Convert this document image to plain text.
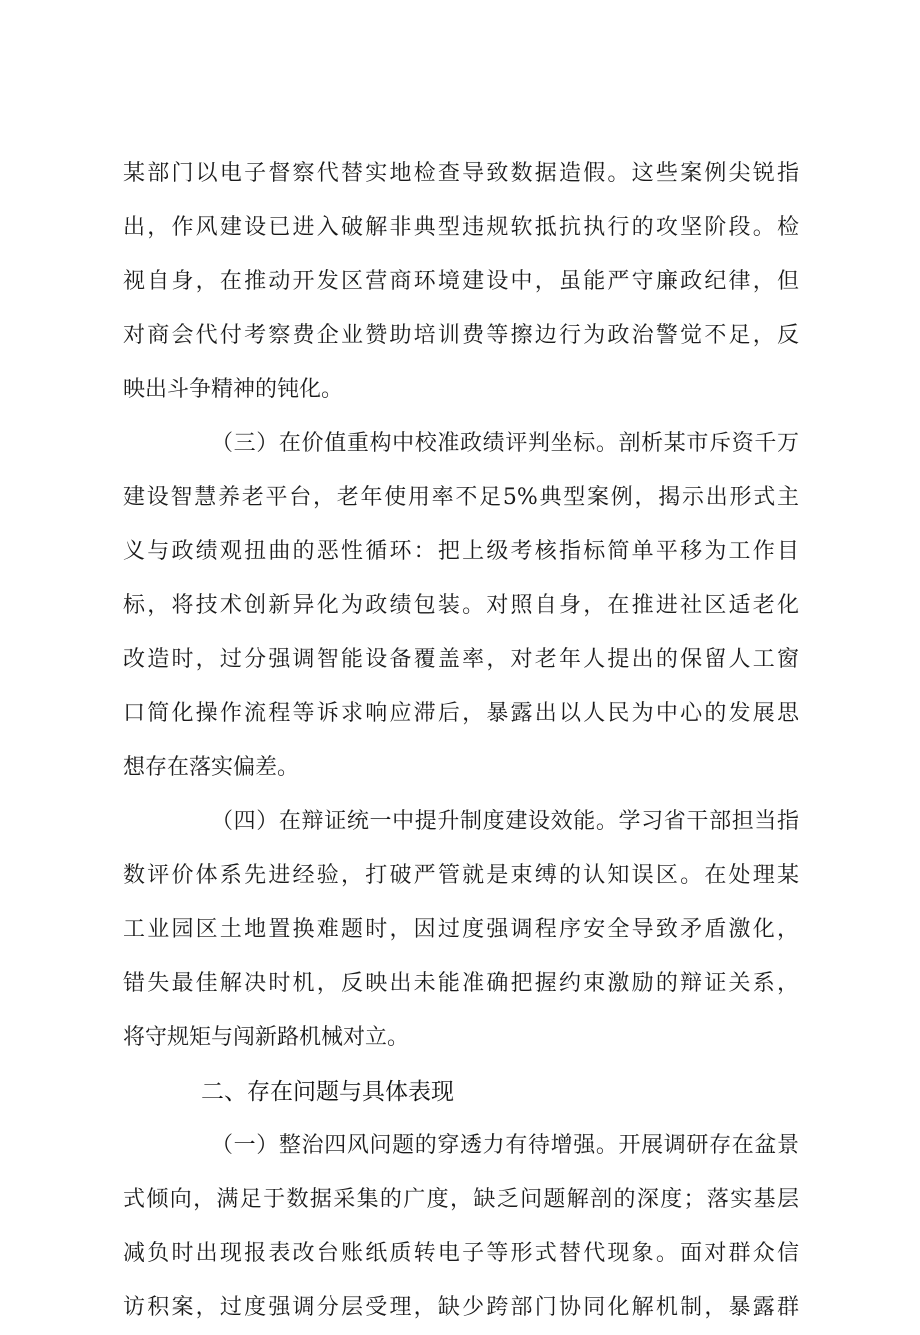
某部门以电子督察代替实地检查导致数据造假。这些案例尖锐指
出，作风建设已进入破解非典型违规软抵抗执行的攻坚阶段。检
视自身，在推动开发区营商环境建设中，虽能严守廉政纪律，但
对商会代付考察费企业赞助培训费等擦边行为政治警觉不足，反
映出斗争精神的钝化。
（三）在价值重构中校准政绩评判坐标。剖析某市斥资千万
建设智慧养老平台，老年使用率不足5%典型案例，揭示出形式主
义与政绩观扭曲的恶性循环：把上级考核指标简单平移为工作目
标，将技术创新异化为政绩包装。对照自身，在推进社区适老化
改造时，过分强调智能设备覆盖率，对老年人提出的保留人工窗
口简化操作流程等诉求响应滞后，暴露出以人民为中心的发展思
想存在落实偏差。
（四）在辩证统一中提升制度建设效能。学习省干部担当指
数评价体系先进经验，打破严管就是束缚的认知误区。在处理某
工业园区土地置换难题时，因过度强调程序安全导致矛盾激化，
错失最佳解决时机，反映出未能准确把握约束激励的辩证关系，
将守规矩与闯新路机械对立。
二、存在问题与具体表现
（一）整治四风问题的穿透力有待增强。开展调研存在盆景
式倾向，满足于数据采集的广度，缺乏问题解剖的深度；落实基层
减负时出现报表改台账纸质转电子等形式替代现象。面对群众信
访积案，过度强调分层受理，缺少跨部门协同化解机制，暴露群
